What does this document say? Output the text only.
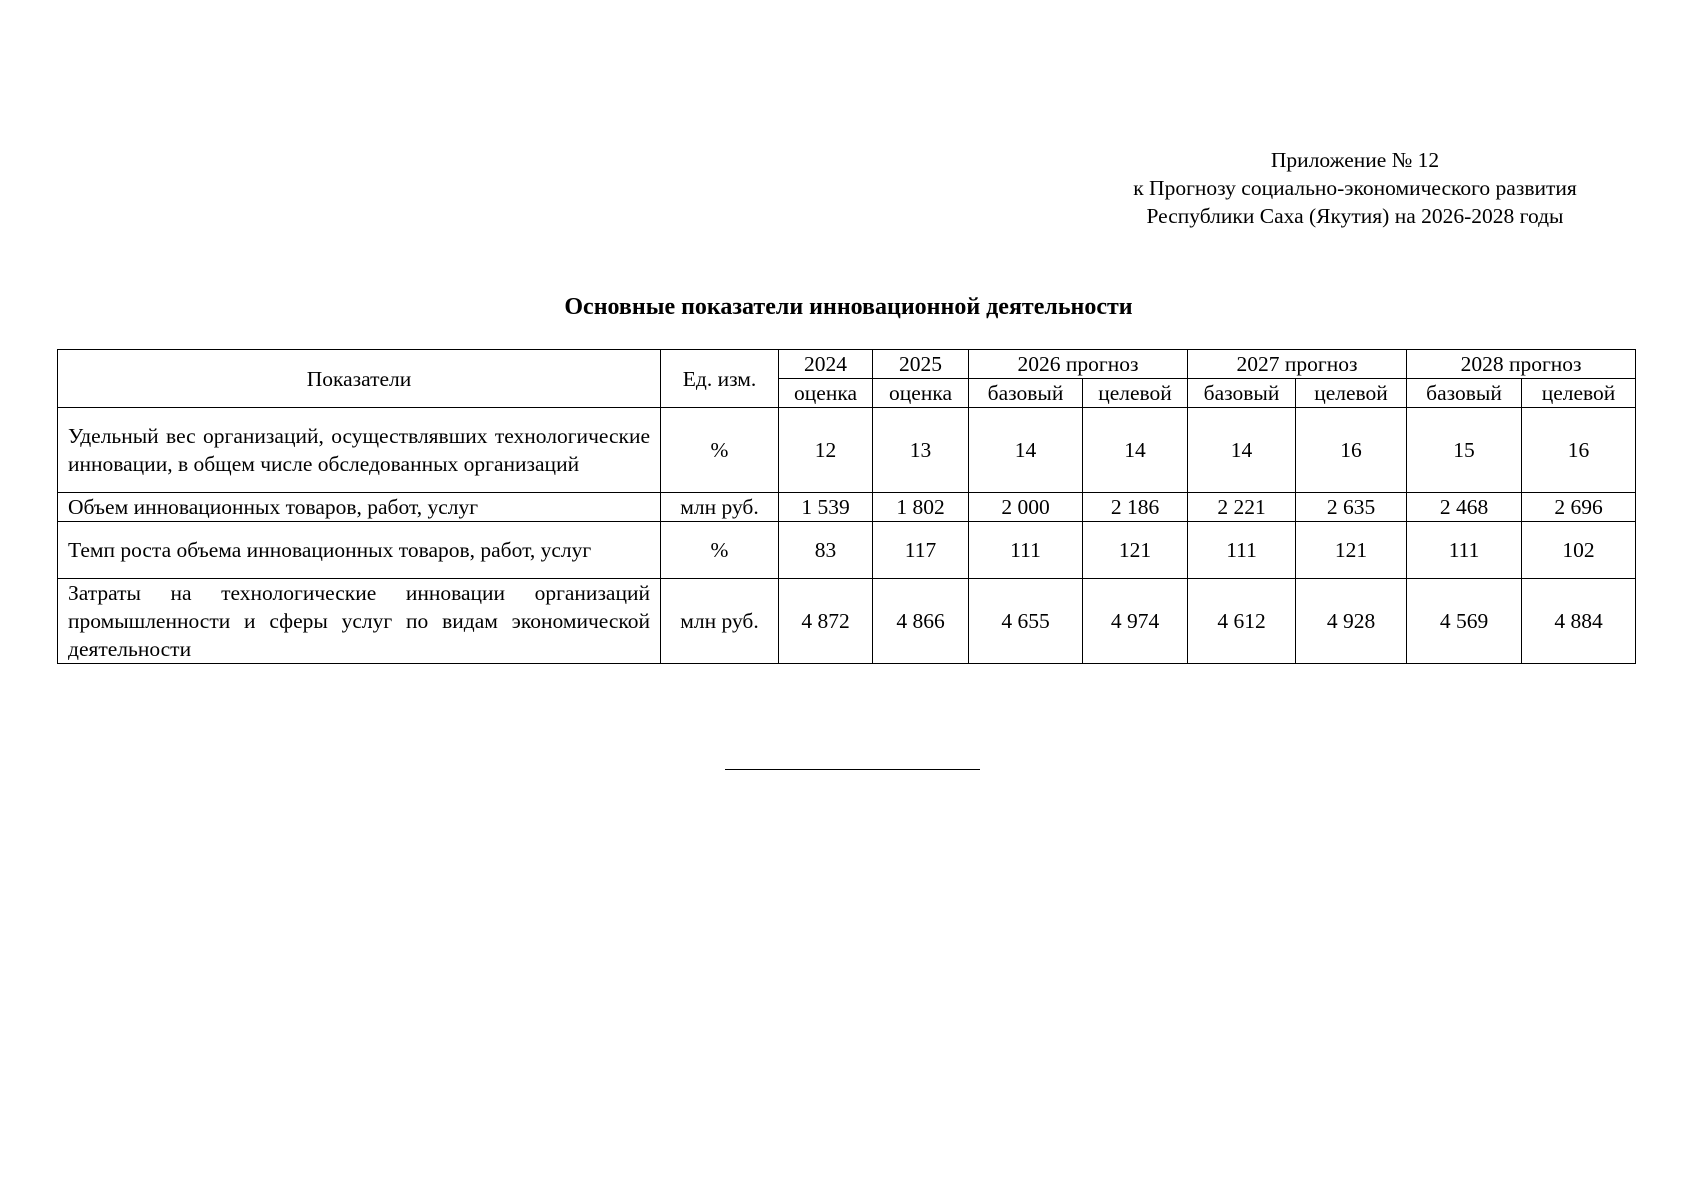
Приложение № 12
к Прогнозу социально-экономического развития
Республики Саха (Якутия) на 2026-2028 годы
Основные показатели инновационной деятельности
Показатели	Ед. изм.	2024	2025	2026 прогноз		2027 прогноз		2028 прогноз	
		оценка	оценка	базовый	целевой	базовый	целевой	базовый	целевой
Удельный вес организаций, осуществлявших технологические инновации, в общем числе обследованных организаций	%	12	13	14	14	14	16	15	16
Объем инновационных товаров, работ, услуг	млн руб.	1 539	1 802	2 000	2 186	2 221	2 635	2 468	2 696
Темп роста объема инновационных товаров, работ, услуг	%	83	117	111	121	111	121	111	102
Затраты на технологические инновации организаций промышленности и сферы услуг по видам экономической деятельности	млн руб.	4 872	4 866	4 655	4 974	4 612	4 928	4 569	4 884
